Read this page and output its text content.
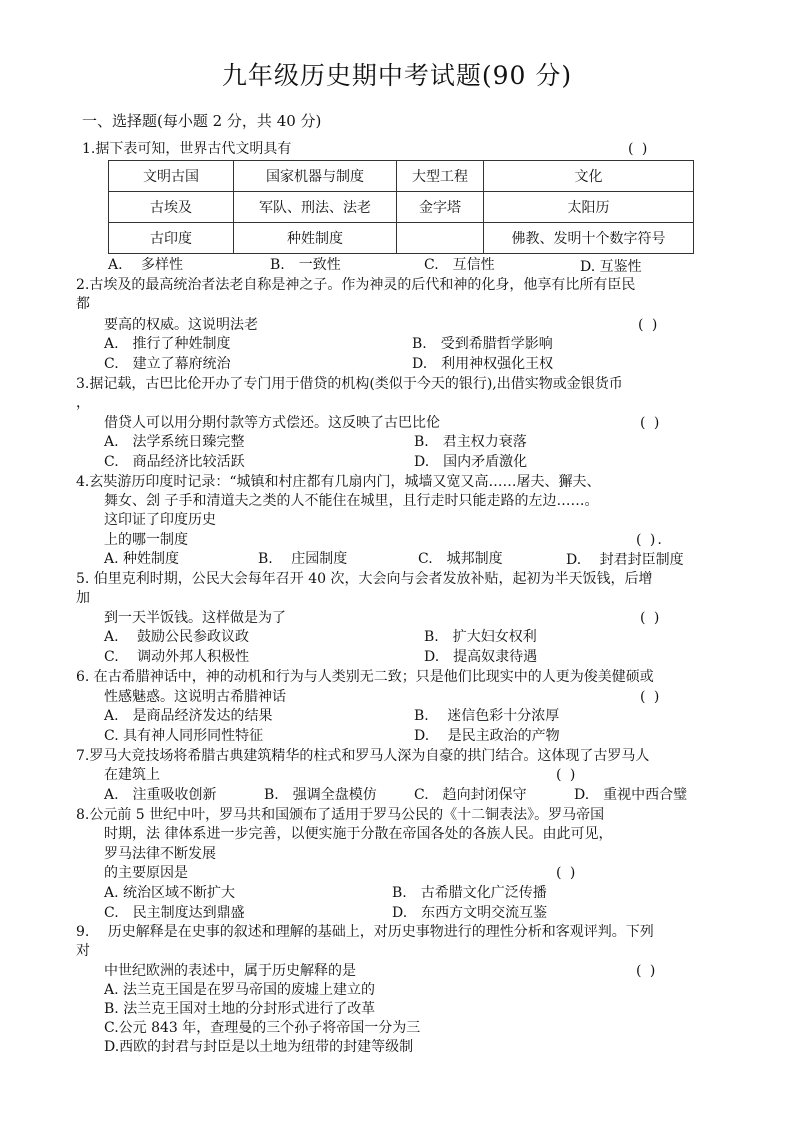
九年级历史期中考试题(90 分)
一、选择题(每小题 2 分，共 40 分)
1.据下表可知，世界古代文明具有	( )
文明古国	国家机器与制度	大型工程	文化
古埃及	军队、刑法、法老	金字塔	太阳历
古印度	种姓制度		佛教、发明十个数字符号
A.　 多样性	B.　一致性	C.　互信性	D. 互鉴性
2.古埃及的最高统治者法老自称是神之子。作为神灵的后代和神的化身，他享有比所有臣民
都
要高的权威。这说明法老	( )
A.　推行了种姓制度	B.　受到希腊哲学影响
C.　建立了幕府统治	D.　利用神权强化王权
3.据记载，古巴比伦开办了专门用于借贷的机构(类似于今天的银行),出借实物或金银货币
，
借贷人可以用分期付款等方式偿还。这反映了古巴比伦	( )
A.　法学系统日臻完整	B.　君主权力衰落
C.　商品经济比较活跃	D.　国内矛盾激化
4.玄奘游历印度时记录：“城镇和村庄都有几扇内门，城墙又宽又高……屠夫、獬夫、
舞女、刽 子手和清道夫之类的人不能住在城里，且行走时只能走路的左边……。
这印证了印度历史
上的哪一制度	( ).
A. 种姓制度	B.　 庄园制度	C.　城邦制度	D.　 封君封臣制度
5. 伯里克利时期，公民大会每年召开 40 次，大会向与会者发放补贴，起初为半天饭钱，后增
加
到一天半饭钱。这样做是为了	( )
A.　 鼓励公民参政议政	B.　扩大妇女权利
C.　 调动外邦人积极性	D.　提高奴隶待遇
6. 在古希腊神话中，神的动机和行为与人类别无二致；只是他们比现实中的人更为俊美健硕或
性感魅惑。这说明古希腊神话	( )
A.　是商品经济发达的结果	B.　 迷信色彩十分浓厚
C. 具有神人同形同性特征	D.　 是民主政治的产物
7.罗马大竞技场将希腊古典建筑精华的柱式和罗马人深为自豪的拱门结合。这体现了古罗马人
在建筑上	( )
A.　注重吸收创新	B.　强调全盘模仿	C.　趋向封闭保守	D.　重视中西合璧
8.公元前 5 世纪中叶，罗马共和国颁布了适用于罗马公民的《十二铜表法》。罗马帝国
时期，法 律体系进一步完善，以便实施于分散在帝国各处的各族人民。由此可见，
罗马法律不断发展
的主要原因是	( )
A. 统治区域不断扩大	B.　古希腊文化广泛传播
C.　民主制度达到鼎盛	D.　东西方文明交流互鉴
9.　 历史解释是在史事的叙述和理解的基础上，对历史事物进行的理性分析和客观评判。下列
对
中世纪欧洲的表述中，属于历史解释的是	( )
A. 法兰克王国是在罗马帝国的废墟上建立的
B. 法兰克王国对土地的分封形式进行了改革
C.公元 843 年，查理曼的三个孙子将帝国一分为三
D.西欧的封君与封臣是以土地为纽带的封建等级制
